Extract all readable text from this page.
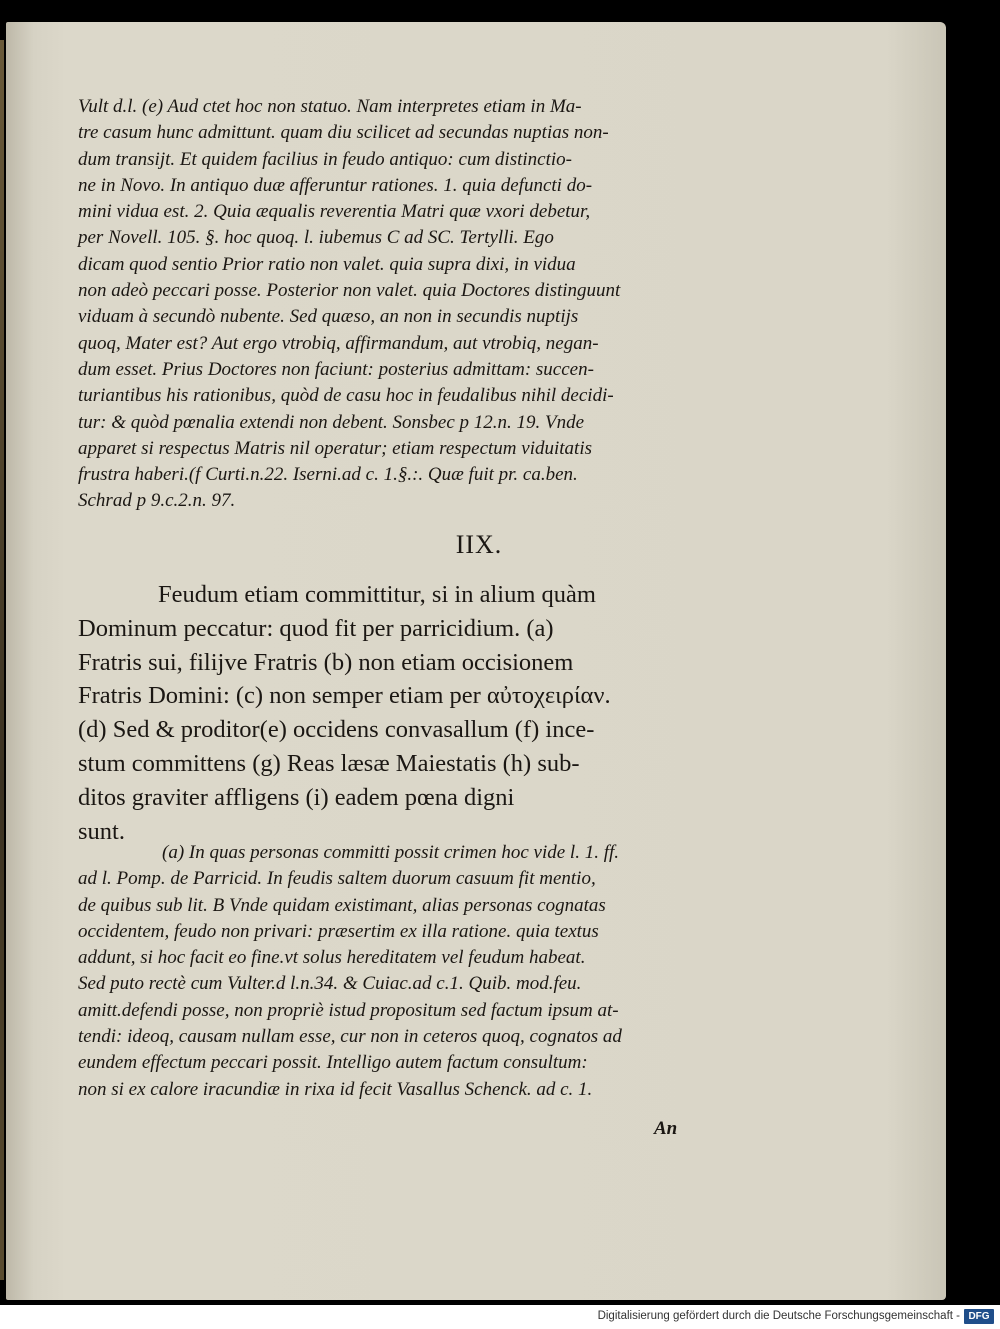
Vult d.l. (e) Aud ctet hoc non statuo. Nam interpretes etiam in Ma-
tre casum hunc admittunt. quam diu scilicet ad secundas nuptias non-
dum transijt. Et quidem facilius in feudo antiquo: cum distinctio-
ne in Novo. In antiquo duæ afferuntur rationes. 1. quia defuncti do-
mini vidua est. 2. Quia æqualis reverentia Matri quæ vxori debetur,
per Novell. 105. §. hoc quoq. l. iubemus C ad SC. Tertylli. Ego
dicam quod sentio Prior ratio non valet. quia supra dixi, in vidua
non adeò peccari posse. Posterior non valet. quia Doctores distinguunt
viduam à secundò nubente. Sed quæso, an non in secundis nuptijs
quoq, Mater est? Aut ergo vtrobiq, affirmandum, aut vtrobiq, negan-
dum esset. Prius Doctores non faciunt: posterius admittam: succen-
turiantibus his rationibus, quòd de casu hoc in feudalibus nihil decidi-
tur: & quòd pœnalia extendi non debent. Sonsbec p 12.n. 19. Vnde
apparet si respectus Matris nil operatur; etiam respectum viduitatis
frustra haberi.(f Curti.n.22. Iserni.ad c. 1.§.:. Quæ fuit pr. ca.ben.
Schrad p 9.c.2.n. 97.
IIX.
Feudum etiam committitur, si in alium quàm
Dominum peccatur: quod fit per parricidium. (a)
Fratris sui, filijve Fratris (b) non etiam occisionem
Fratris Domini: (c) non semper etiam per αὐτοχειρίαν.
(d) Sed & proditor(e) occidens convasallum (f) ince-
stum committens (g) Reas læsæ Maiestatis (h) sub-
ditos graviter affligens (i) eadem pœna digni
sunt.
(a) In quas personas committi possit crimen hoc vide l. 1. ff.
ad l. Pomp. de Parricid. In feudis saltem duorum casuum fit mentio,
de quibus sub lit. B Vnde quidam existimant, alias personas cognatas
occidentem, feudo non privari: præsertim ex illa ratione. quia textus
addunt, si hoc facit eo fine.vt solus hereditatem vel feudum habeat.
Sed puto rectè cum Vulter.d l.n.34. & Cuiac.ad c.1. Quib. mod.feu.
amitt.defendi posse, non propriè istud propositum sed factum ipsum at-
tendi: ideoq, causam nullam esse, cur non in ceteros quoq, cognatos ad
eundem effectum peccari possit. Intelligo autem factum consultum:
non si ex calore iracundiæ in rixa id fecit Vasallus Schenck. ad c. 1.
An
Digitalisierung gefördert durch die Deutsche Forschungsgemeinschaft - DFG
